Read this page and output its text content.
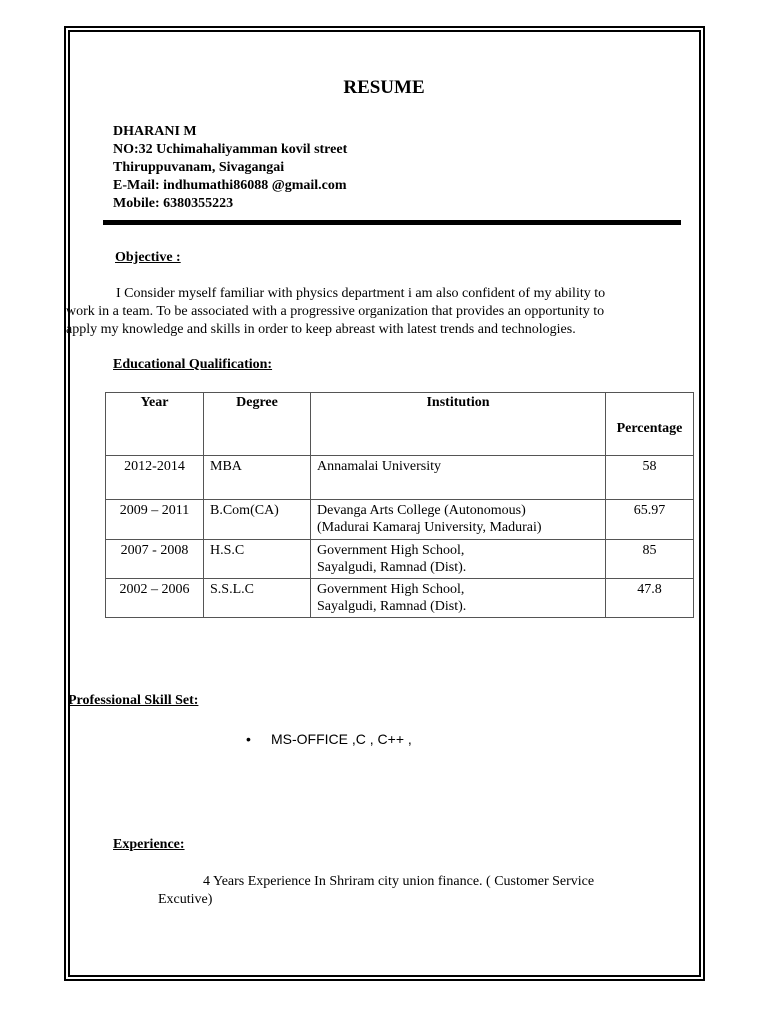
RESUME
DHARANI M
NO:32 Uchimahaliyamman kovil street
Thiruppuvanam, Sivagangai
E-Mail: indhumathi86088 @gmail.com
Mobile: 6380355223
Objective :
I Consider myself familiar with physics department i am also confident of my ability to
work in a team. To be associated with a progressive organization that provides an opportunity to
apply my knowledge and skills in order to keep abreast with latest trends and technologies.
Educational Qualification:
Year	Degree	Institution	Percentage
2012-2014	MBA	Annamalai University	58
2009 – 2011	B.Com(CA)	Devanga Arts College (Autonomous)
(Madurai Kamaraj University, Madurai)	65.97
2007 - 2008	H.S.C	Government High School,
Sayalgudi, Ramnad (Dist).	85
2002 – 2006	S.S.L.C	Government High School,
Sayalgudi, Ramnad (Dist).	47.8
Professional Skill Set:
• MS-OFFICE ,C , C++ ,
Experience:
4 Years Experience In Shriram city union finance. ( Customer Service
Excutive)
